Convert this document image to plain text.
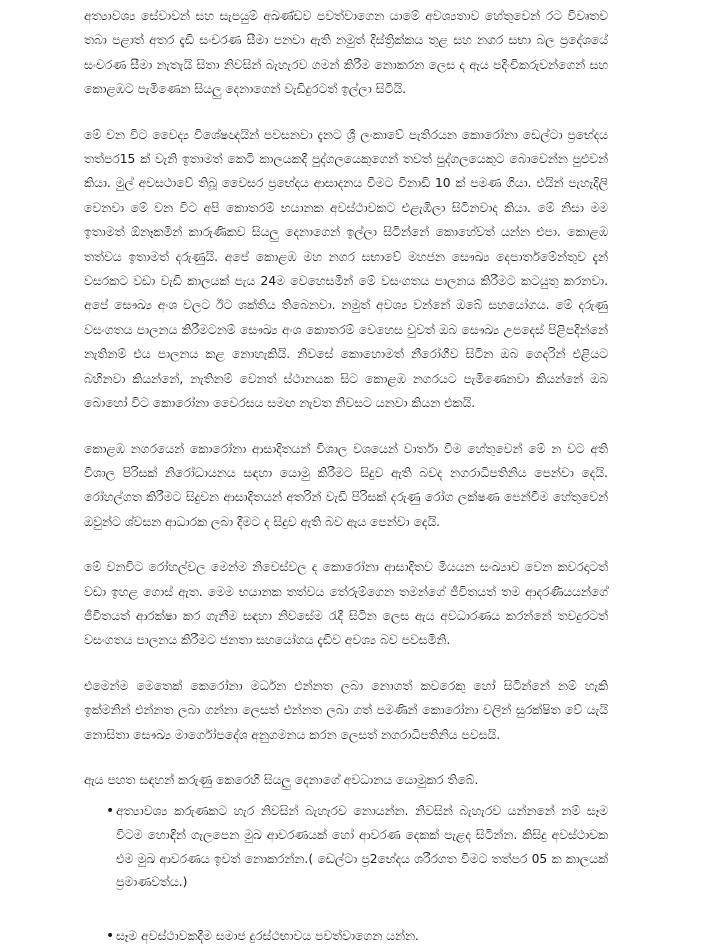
අත්‍යාවශ්‍ය සේවාවන් සහ සැපයුම් අඛණ්ඩව පවත්වාගෙන යාමේ අවශ්‍යතාව හේතුවෙන් රට විවෘතව තබා පළාත් අතර දැඩි සංචරණ සීමා පනවා ඇති නමුත් දිස්ත්‍රික්කය තුළ සහ නගර සභා බල ප්‍රදේශයේ සංචරණ සීමා නැතැයි සිතා නිවසින් බැහැරව ගමන් කිරීම නොකරන ලෙස ද ඇය පදිංචිකරුවන්ගෙන් සහ කොළඹට පැමිණෙන සියලු දෙනාගෙන් වැඩිදුරටත් ඉල්ලා සිටියි.

මේ වන විට වෛද්‍ය විශේෂඥයින් පවසනවා දැනට ශ්‍රී ලංකාවේ පැතිරයන කොරෝනා ඩෙල්ටා ප්‍රභේදය තත්පර15 ක් වැනි ඉතාමත් කෙටි කාලයකදී පුද්ගලයෙකුගෙන් තවත් පුද්ගලයෙකුට බොවෙන්න පුළුවන් කියා. මුල් අවසථාවේ තිබූ වෛසර ප්‍රභේදය ආසාදනය වීමට විනාඩි 10 ක් පමණ ගියා. එයින් පැහැදිලි වෙනවා මේ වන විට අපි කොතරම් භයානක අවස්ථාවකට එළැඹිලා සිටිනවාද කියා. මේ නිසා මම ඉතාමත් ඕනෑකමින් කාරුණිකව සියලු දෙනාගෙන් ඉල්ලා සිටින්නේ කොහේවත් යන්න එපා. කොළඹ තත්වය ඉතාමත් දරුණුයි. අපේ කොළඹ මහ නගර සභාවේ මහජන සෞඛ්‍ය දෙපාර්තමේන්තුව දැන් වසරකට වඩා වැඩි කාලයක් පැය 24ම වෙහෙසමින් මේ වසංගතය පාලනය කිරීමට කටයුතු කරනවා. අපේ සෞඛ්‍ය අංශ වලට ඊට ශක්තිය තිබෙනවා. නමුත් අවශ්‍ය වන්නේ ඔබේ සහයෝගය. මේ දරුණු වසංගතය පාලනය කිරීමටනම් සෞඛ්‍ය අංශ කොතරම් වෙහෙස වුවත් ඔබ සෞඛ්‍ය උපදෙස් පිළිපදින්නේ නැතිනම් එය පාලනය කළ නොහැකියි. නිවසේ කොහොමත් නීරෝගීව සිටින ඔබ ගෙදරින් එළියට බහිනවා කියන්නේ, නැතිනම් වෙනත් ස්ථානයක සිට කොළඹ නගරයට පැමිණෙනවා කියන්නේ ඔබ බොහෝ විට කොරෝනා වෛරසය සමඟ නැවත නිවසට යනවා කියන එකයි.

කොළඹ නගරයෙන් කොරෝනා ආසාදිතයන් විශාල වශයෙන් වාර්තා වීම හේතුවෙන් මේ න වට අති විශාල පිරිසක් නිරෝධායනය සඳහා යොමු කිරීමට සිදුව ඇති බවද නගරාධිපතිනිය පෙන්වා දෙයි. රෝහල්ගත කිරීමට සිදුවන ආසාදිතයන් අතරින් වැඩි පිරිසක් දරුණු රෝග ලක්ෂණ පෙන්වීම හේතුවෙන් ඔවුන්ට ශ්වසන ආධාරක ලබා දීමට ද සිදුව ඇති බව ඇය පෙන්වා දෙයි.

මේ වනවිට රෝහල්වල මෙන්ම නිවෙස්වල ද කොරෝනා ආසාදිතව මියයන සංඛ්‍යාව වෙන කවරදාටත් වඩා ඉහළ ගොස් ඇත. මෙම භයානක තත්වය තේරුම්ගෙන තමන්ගේ ජීවිතයත් තම ආදරණීයයන්ගේ ජීවිතයත් ආරක්ෂා කර ගැනීම සඳහා නිවසේම රැදී සිටින ලෙස ඇය අවධාරණය කරන්නේ තවදුරටත් වසංගතය පාලනය කිරීමට ජනතා සහයෝගය දැඩිව අවශ්‍ය බව පවසමිනි.

එමෙන්ම මෙතෙක් කෙරෝනා මර්ධන එන්නත ලබා නොගත් කවරෙකු හෝ සිටින්නේ නම් හැකි ඉක්මනින් එන්නත ලබා ගන්නා ලෙසත් එන්නත ලබා ගත් පමණින් කොරෝනා වලින් සුරක්ෂිත වේ යැයි නොසිතා සෞඛ්‍ය මාර්ගෝපදේශ අනුගමනය කරන ලෙසත් නගරාධිපතිනිය පවසයි.

ඇය පහත සඳහන් කරුණු කෙරෙහි සියලු දෙනාගේ අවධානය යොමුකර තිබේ.

• අත්‍යාවශ්‍ය කරුණකට හැර නිවසින් බැහැරව නොයන්න. නිවසින් බැහැරව යන්නනේ නම් සෑම විටම හොඳින් ගැලපෙන මුඛ ආවරණයක් හෝ ආවරණ දෙකක් පැළද සිටින්න. කිසිදු අවස්ථාවක එම මුඛ ආවරණය ඉවත් නොකරන්න.( ඩෙල්ටා ප්‍ර2භේදය ශරීරගත වීමට තත්පර 05 ක කාලයක් ප්‍රමාණවත්ය.)
• සෑම අවස්ථාවකදීම සමාජ දුරස්ථභාවය පවත්වාගෙන යන්න.
